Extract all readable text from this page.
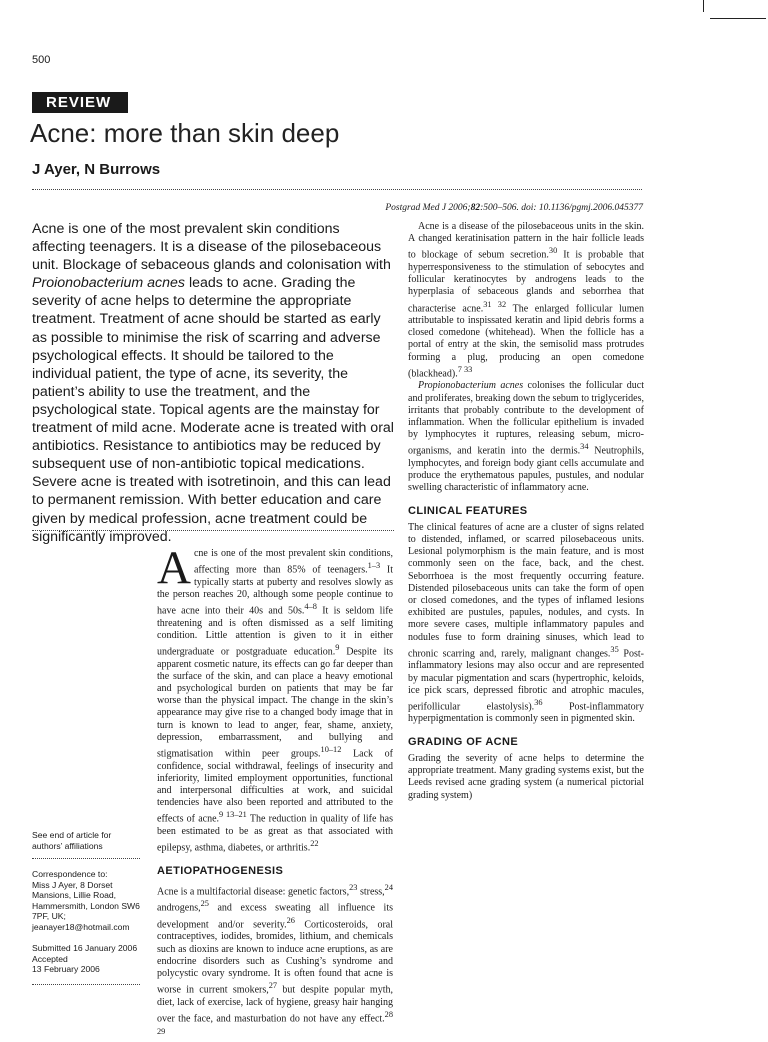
500
REVIEW
Acne: more than skin deep
J Ayer, N Burrows
Postgrad Med J 2006;82:500–506. doi: 10.1136/pgmj.2006.045377

Acne is one of the most prevalent skin conditions affecting teenagers. It is a disease of the pilosebaceous unit. Blockage of sebaceous glands and colonisation with Proionobacterium acnes leads to acne. Grading the severity of acne helps to determine the appropriate treatment. Treatment of acne should be started as early as possible to minimise the risk of scarring and adverse psychological effects. It should be tailored to the individual patient, the type of acne, its severity, the patient’s ability to use the treatment, and the psychological state. Topical agents are the mainstay for treatment of mild acne. Moderate acne is treated with oral antibiotics. Resistance to antibiotics may be reduced by subsequent use of non-antibiotic topical medications. Severe acne is treated with isotretinoin, and this can lead to permanent remission. With better education and care given by medical profession, acne treatment could be significantly improved.

Acne is one of the most prevalent skin conditions, affecting more than 85% of teenagers.$^{1-3}$ It typically starts at puberty and resolves slowly as the person reaches 20, although some people continue to have acne into their 40s and 50s.$^{4-8}$ It is seldom life threatening and is often dismissed as a self limiting condition. Little attention is given to it in either undergraduate or postgraduate education.$^9$ Despite its apparent cosmetic nature, its effects can go far deeper than the surface of the skin, and can place a heavy emotional and psychological burden on patients that may be far worse than the physical impact. The change in the skin’s appearance may give rise to a changed body image that in turn is known to lead to anger, fear, shame, anxiety, depression, embarrassment, and bullying and stigmatisation within peer groups.$^{10-12}$ Lack of confidence, social withdrawal, feelings of insecurity and inferiority, limited employment opportunities, functional and interpersonal difficulties at work, and suicidal tendencies have also been reported and attributed to the effects of acne.$^{9 13-21}$ The reduction in quality of life has been estimated to be as great as that associated with epilepsy, asthma, diabetes, or arthritis.$^{22}$

AETIOPATHOGENESIS

Acne is a multifactorial disease: genetic factors,$^{23}$ stress,$^{24}$ androgens,$^{25}$ and excess sweating all influence its development and/or severity.$^{26}$ Corticosteroids, oral contraceptives, iodides, bromides, lithium, and chemicals such as dioxins are known to induce acne eruptions, as are endocrine disorders such as Cushing’s syndrome and polycystic ovary syndrome. It is often found that acne is worse in current smokers,$^{27}$ but despite popular myth, diet, lack of exercise, lack of hygiene, greasy hair hanging over the face, and masturbation do not have any effect.$^{28 29}$

Acne is a disease of the pilosebaceous units in the skin. A changed keratinisation pattern in the hair follicle leads to blockage of sebum secretion.$^{30}$ It is probable that hyperresponsiveness to the stimulation of sebocytes and follicular keratinocytes by androgens leads to the hyperplasia of sebaceous glands and seborrhea that characterise acne.$^{31 32}$ The enlarged follicular lumen attributable to inspissated keratin and lipid debris forms a closed comedone (whitehead). When the follicle has a portal of entry at the skin, the semisolid mass protrudes forming a plug, producing an open comedone (blackhead).$^{7 33}$

Propionobacterium acnes colonises the follicular duct and proliferates, breaking down the sebum to triglycerides, irritants that probably contribute to the development of inflammation. When the follicular epithelium is invaded by lymphocytes it ruptures, releasing sebum, micro-organisms, and keratin into the dermis.$^{34}$ Neutrophils, lymphocytes, and foreign body giant cells accumulate and produce the erythematous papules, pustules, and nodular swelling characteristic of inflammatory acne.

CLINICAL FEATURES

The clinical features of acne are a cluster of signs related to distended, inflamed, or scarred pilosebaceous units. Lesional polymorphism is the main feature, and is most commonly seen on the face, back, and the chest. Seborrhoea is the most frequently occurring feature. Distended pilosebaceous units can take the form of open or closed comedones, and the types of inflamed lesions exhibited are pustules, papules, nodules, and cysts. In more severe cases, multiple inflammatory papules and nodules fuse to form draining sinuses, which lead to chronic scarring and, rarely, malignant changes.$^{35}$ Post-inflammatory lesions may also occur and are represented by macular pigmentation and scars (hypertrophic, keloids, ice pick scars, depressed fibrotic and atrophic macules, perifollicular elastolysis).$^{36}$ Post-inflammatory hyperpigmentation is commonly seen in pigmented skin.

GRADING OF ACNE

Grading the severity of acne helps to determine the appropriate treatment. Many grading systems exist, but the Leeds revised acne grading system (a numerical pictorial grading system)

See end of article for authors’ affiliations

Correspondence to:

Miss J Ayer, 8 Dorset Mansions, Lillie Road, Hammersmith, London SW6 7PF, UK;

jeanayer18@hotmail.com

Submitted 16 January 2006

Accepted

13 February 2006
